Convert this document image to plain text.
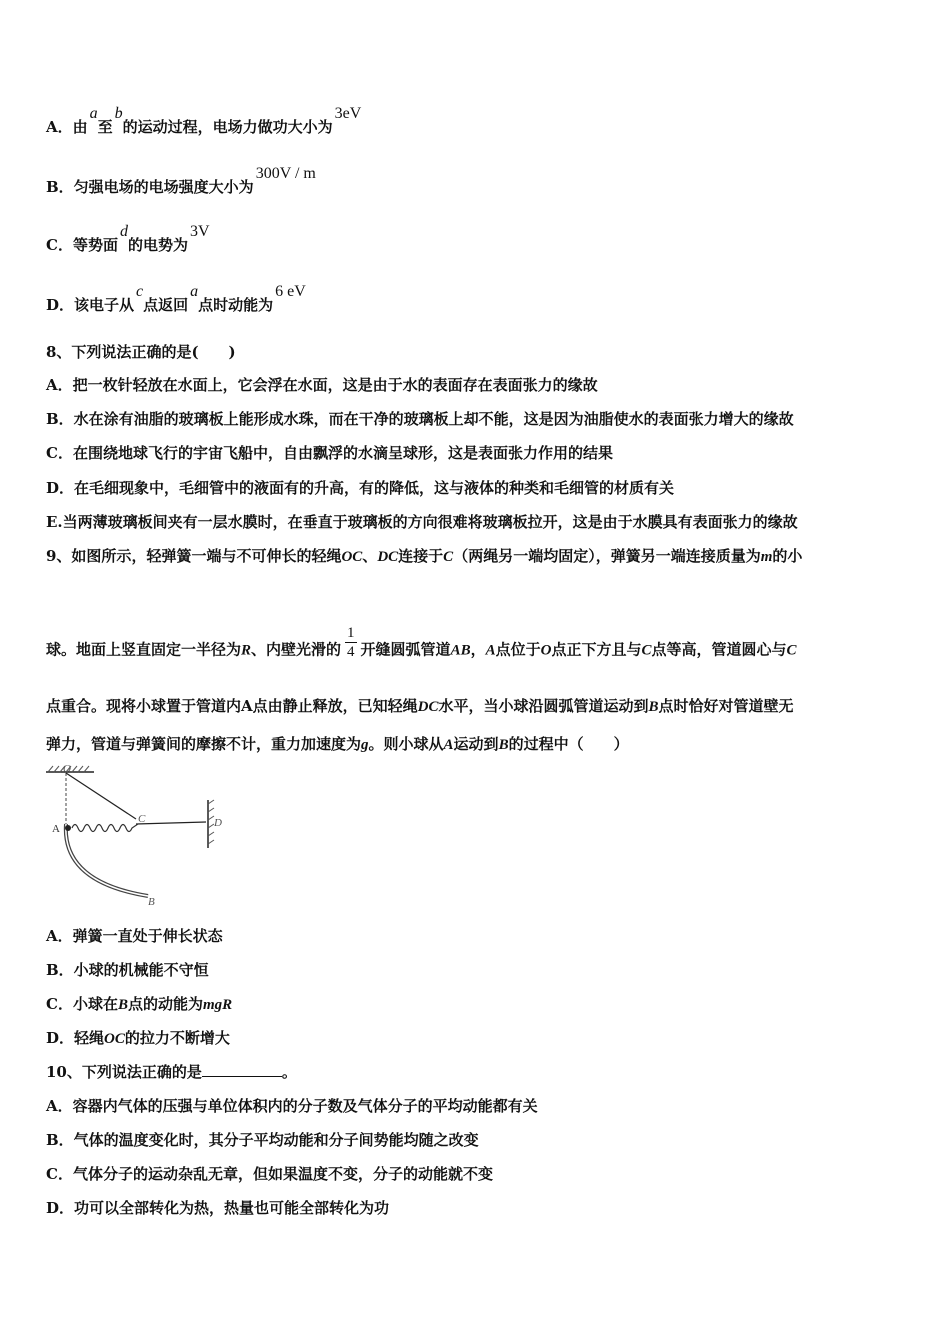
A．由a至b的运动过程，电场力做功大小为3eV
B．匀强电场的电场强度大小为300V / m
C．等势面d的电势为3V
D．该电子从c点返回a点时动能为6 eV
8、下列说法正确的是(　　)
A．把一枚针轻放在水面上，它会浮在水面，这是由于水的表面存在表面张力的缘故
B．水在涂有油脂的玻璃板上能形成水珠，而在干净的玻璃板上却不能，这是因为油脂使水的表面张力增大的缘故
C．在围绕地球飞行的宇宙飞船中，自由飘浮的水滴呈球形，这是表面张力作用的结果
D．在毛细现象中，毛细管中的液面有的升高，有的降低，这与液体的种类和毛细管的材质有关
E.当两薄玻璃板间夹有一层水膜时，在垂直于玻璃板的方向很难将玻璃板拉开，这是由于水膜具有表面张力的缘故
9、如图所示，轻弹簧一端与不可伸长的轻绳OC、DC连接于C（两绳另一端均固定），弹簧另一端连接质量为m的小
球。地面上竖直固定一半径为R、内壁光滑的 $\frac{1}{4}$ 开缝圆弧管道AB，A点位于O点正下方且与C点等高，管道圆心与C
点重合。现将小球置于管道内A点由静止释放，已知轻绳DC水平，当小球沿圆弧管道运动到B点时恰好对管道壁无
弹力，管道与弹簧间的摩擦不计，重力加速度为g。则小球从A运动到B的过程中（　　）
O
C
A	D
B
A．弹簧一直处于伸长状态
B．小球的机械能不守恒
C．小球在B点的动能为mgR
D．轻绳OC的拉力不断增大
10、下列说法正确的是	。
A．容器内气体的压强与单位体积内的分子数及气体分子的平均动能都有关
B．气体的温度变化时，其分子平均动能和分子间势能均随之改变
C．气体分子的运动杂乱无章，但如果温度不变，分子的动能就不变
D．功可以全部转化为热，热量也可能全部转化为功
